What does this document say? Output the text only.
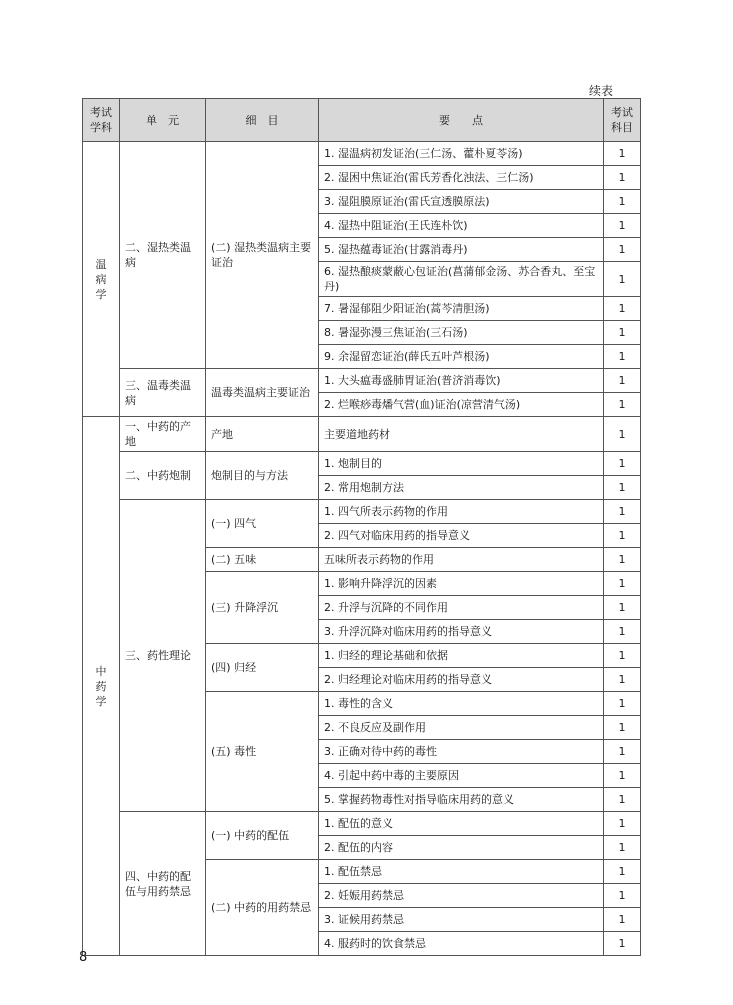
续表
考试学科	单　元	细　目	要　　点	考试科目
温病学	二、湿热类温病	(二) 湿热类温病主要证治	1. 湿温病初发证治(三仁汤、藿朴夏苓汤)	1
			2. 湿困中焦证治(雷氏芳香化浊法、三仁汤)	1
			3. 湿阻膜原证治(雷氏宣透膜原法)	1
			4. 湿热中阻证治(王氏连朴饮)	1
			5. 湿热蕴毒证治(甘露消毒丹)	1
			6. 湿热酿痰蒙蔽心包证治(菖蒲郁金汤、苏合香丸、至宝丹)	1
			7. 暑湿郁阻少阳证治(蒿芩清胆汤)	1
			8. 暑湿弥漫三焦证治(三石汤)	1
			9. 余湿留恋证治(薛氏五叶芦根汤)	1
	三、温毒类温病	温毒类温病主要证治	1. 大头瘟毒盛肺胃证治(普济消毒饮)	1
			2. 烂喉痧毒燔气营(血)证治(凉营清气汤)	1
中药学	一、中药的产地	产地	主要道地药材	1
	二、中药炮制	炮制目的与方法	1. 炮制目的	1
			2. 常用炮制方法	1
	三、药性理论	(一) 四气	1. 四气所表示药物的作用	1
			2. 四气对临床用药的指导意义	1
		(二) 五味	五味所表示药物的作用	1
		(三) 升降浮沉	1. 影响升降浮沉的因素	1
			2. 升浮与沉降的不同作用	1
			3. 升浮沉降对临床用药的指导意义	1
		(四) 归经	1. 归经的理论基础和依据	1
			2. 归经理论对临床用药的指导意义	1
		(五) 毒性	1. 毒性的含义	1
			2. 不良反应及副作用	1
			3. 正确对待中药的毒性	1
			4. 引起中药中毒的主要原因	1
			5. 掌握药物毒性对指导临床用药的意义	1
	四、中药的配伍与用药禁忌	(一) 中药的配伍	1. 配伍的意义	1
			2. 配伍的内容	1
		(二) 中药的用药禁忌	1. 配伍禁忌	1
			2. 妊娠用药禁忌	1
			3. 证候用药禁忌	1
			4. 服药时的饮食禁忌	1
8
